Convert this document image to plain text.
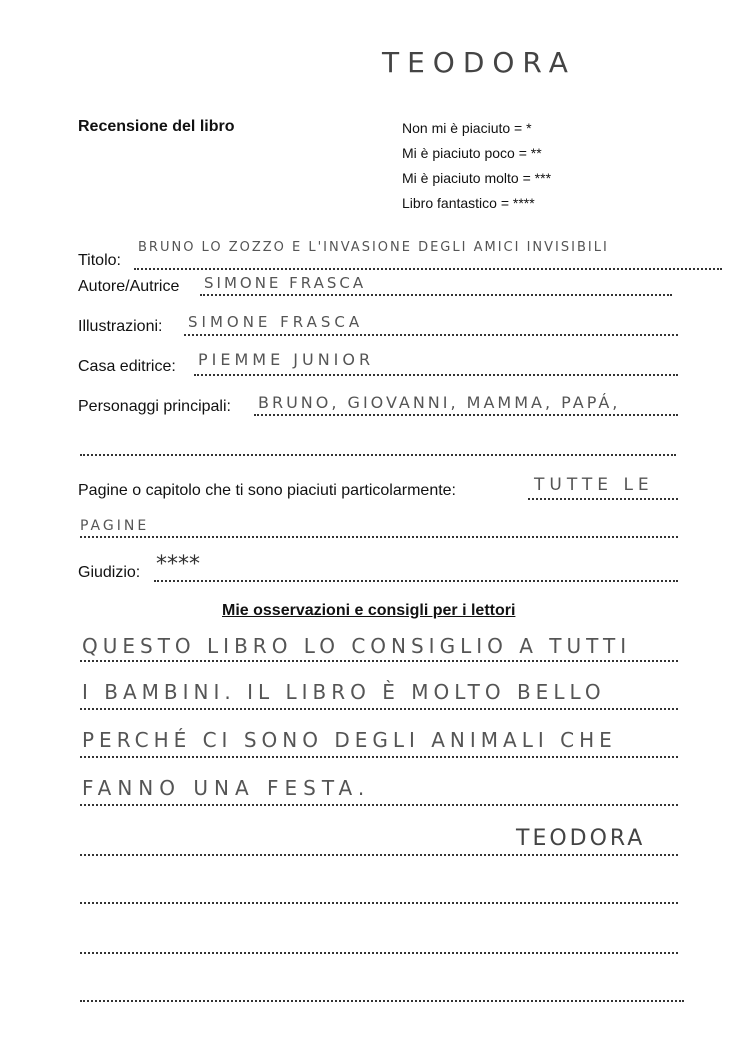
TEODORA
Recensione del libro	Non mi è piaciuto = *
Mi è piaciuto poco = **
Mi è piaciuto molto = ***
Libro fantastico = ****
Titolo:
BRUNO LO ZOZZO E L'INVASIONE DEGLI AMICI INVISIBILI
Autore/Autrice SIMONE FRASCA
Illustrazioni: SIMONE FRASCA
Casa editrice: PIEMME JUNIOR
Personaggi principali: BRUNO, GIOVANNI, MAMMA, PAPÁ,
Pagine o capitolo che ti sono piaciuti particolarmente:	TUTTE LE
PAGINE
Giudizio: ****
Mie osservazioni e consigli per i lettori
QUESTO LIBRO LO CONSIGLIO A TUTTI
I BAMBINI. IL LIBRO È MOLTO BELLO
PERCHÉ CI SONO DEGLI ANIMALI CHE
FANNO UNA FESTA.
TEODORA
